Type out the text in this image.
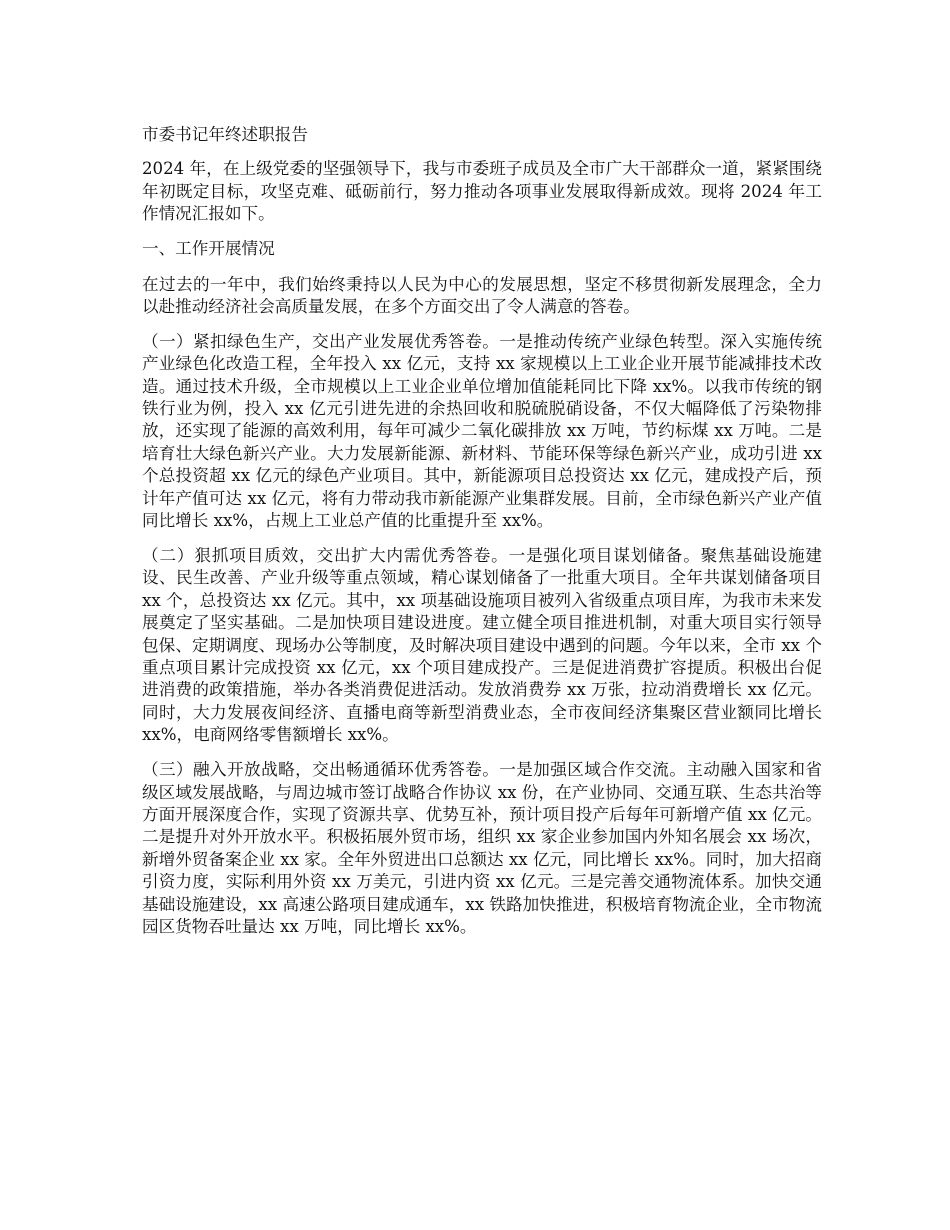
市委书记年终述职报告

2024 年，在上级党委的坚强领导下，我与市委班子成员及全市广大干部群众一道，紧紧围绕年初既定目标，攻坚克难、砥砺前行，努力推动各项事业发展取得新成效。现将 2024 年工作情况汇报如下。

一、工作开展情况

在过去的一年中，我们始终秉持以人民为中心的发展思想，坚定不移贯彻新发展理念，全力以赴推动经济社会高质量发展，在多个方面交出了令人满意的答卷。

（一）紧扣绿色生产，交出产业发展优秀答卷。一是推动传统产业绿色转型。深入实施传统产业绿色化改造工程，全年投入 xx 亿元，支持 xx 家规模以上工业企业开展节能减排技术改造。通过技术升级，全市规模以上工业企业单位增加值能耗同比下降 xx%。以我市传统的钢铁行业为例，投入 xx 亿元引进先进的余热回收和脱硫脱硝设备，不仅大幅降低了污染物排放，还实现了能源的高效利用，每年可减少二氧化碳排放 xx 万吨，节约标煤 xx 万吨。二是培育壮大绿色新兴产业。大力发展新能源、新材料、节能环保等绿色新兴产业，成功引进 xx 个总投资超 xx 亿元的绿色产业项目。其中，新能源项目总投资达 xx 亿元，建成投产后，预计年产值可达 xx 亿元，将有力带动我市新能源产业集群发展。目前，全市绿色新兴产业产值同比增长 xx%，占规上工业总产值的比重提升至 xx%。

（二）狠抓项目质效，交出扩大内需优秀答卷。一是强化项目谋划储备。聚焦基础设施建设、民生改善、产业升级等重点领域，精心谋划储备了一批重大项目。全年共谋划储备项目 xx 个，总投资达 xx 亿元。其中，xx 项基础设施项目被列入省级重点项目库，为我市未来发展奠定了坚实基础。二是加快项目建设进度。建立健全项目推进机制，对重大项目实行领导包保、定期调度、现场办公等制度，及时解决项目建设中遇到的问题。今年以来，全市 xx 个重点项目累计完成投资 xx 亿元，xx 个项目建成投产。三是促进消费扩容提质。积极出台促进消费的政策措施，举办各类消费促进活动。发放消费券 xx 万张，拉动消费增长 xx 亿元。同时，大力发展夜间经济、直播电商等新型消费业态，全市夜间经济集聚区营业额同比增长 xx%，电商网络零售额增长 xx%。

（三）融入开放战略，交出畅通循环优秀答卷。一是加强区域合作交流。主动融入国家和省级区域发展战略，与周边城市签订战略合作协议 xx 份，在产业协同、交通互联、生态共治等方面开展深度合作，实现了资源共享、优势互补，预计项目投产后每年可新增产值 xx 亿元。二是提升对外开放水平。积极拓展外贸市场，组织 xx 家企业参加国内外知名展会 xx 场次，新增外贸备案企业 xx 家。全年外贸进出口总额达 xx 亿元，同比增长 xx%。同时，加大招商引资力度，实际利用外资 xx 万美元，引进内资 xx 亿元。三是完善交通物流体系。加快交通基础设施建设，xx 高速公路项目建成通车，xx 铁路加快推进，积极培育物流企业，全市物流园区货物吞吐量达 xx 万吨，同比增长 xx%。
